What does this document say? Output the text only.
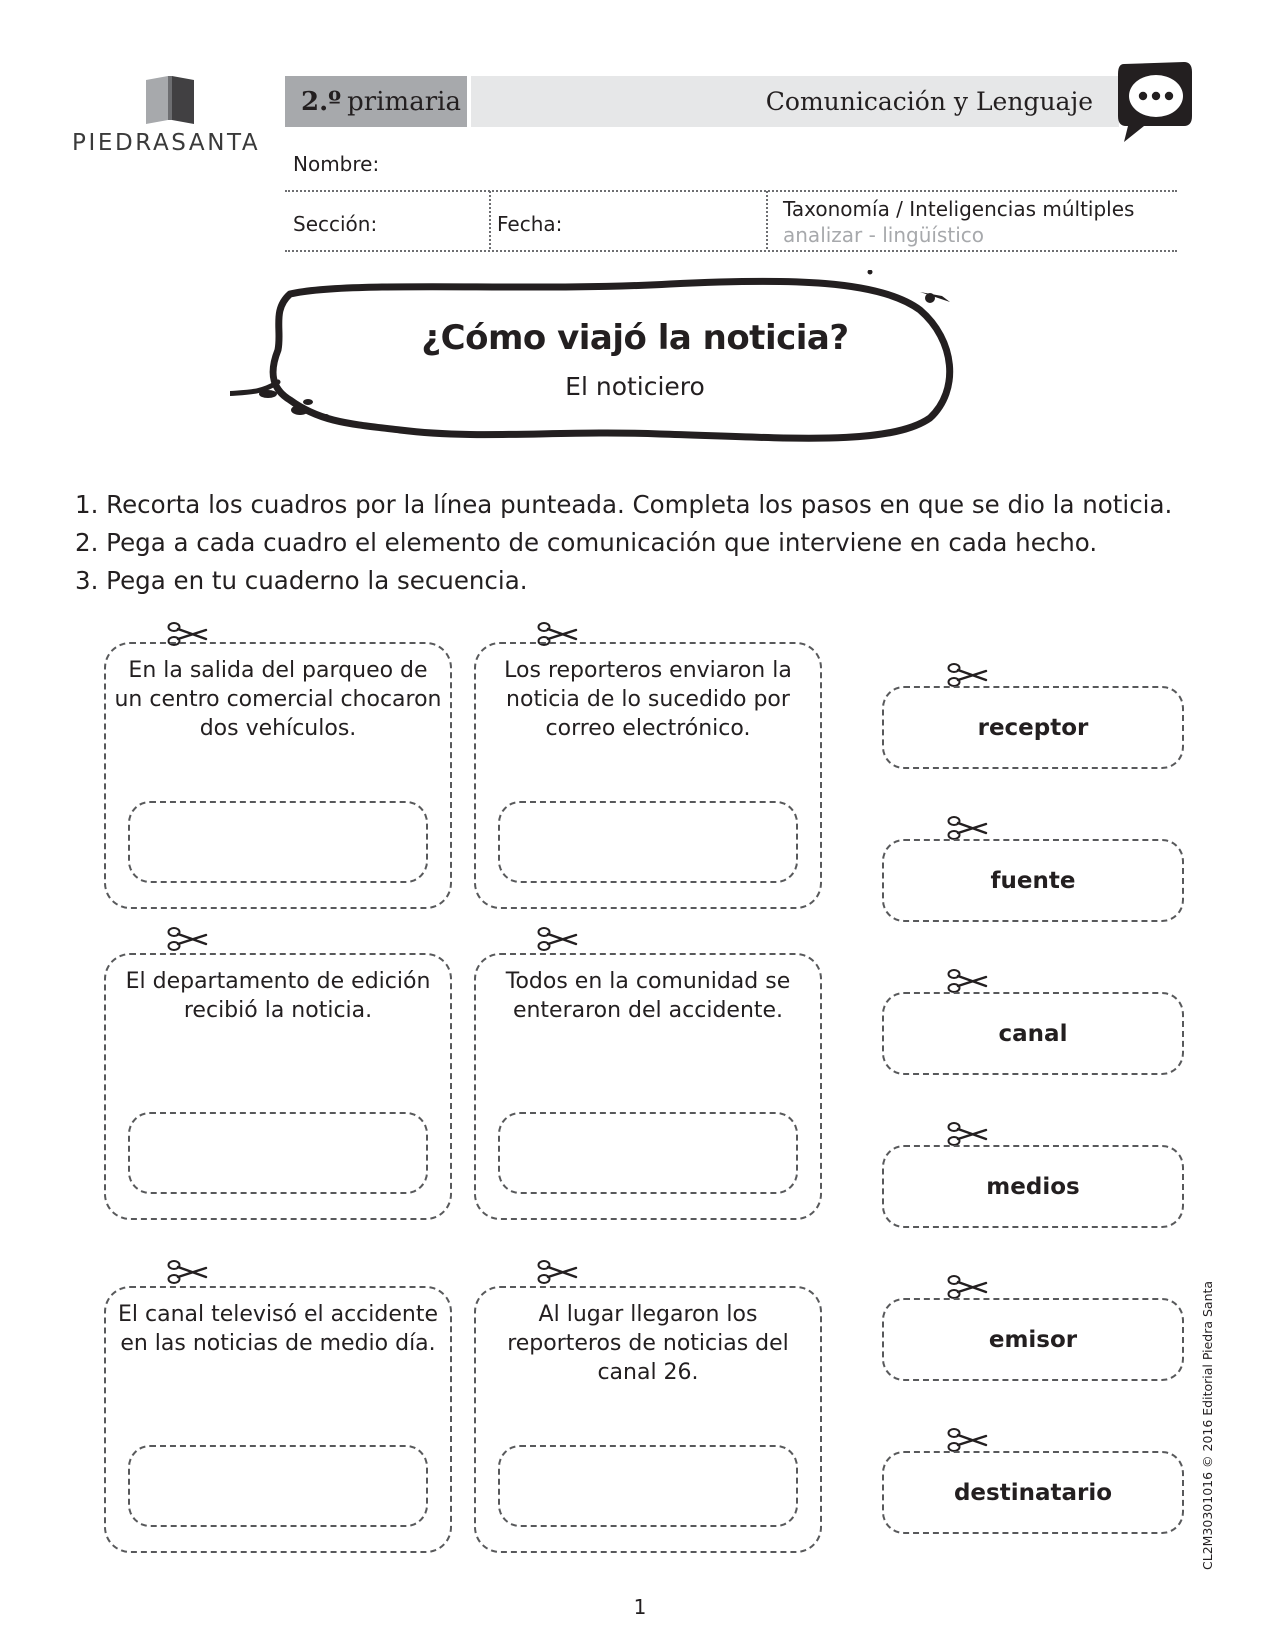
PIEDRASANTA
2.º primaria	Comunicación y Lenguaje
Nombre:
Sección:	Fecha:
Taxonomía / Inteligencias múltiples
analizar - lingüístico
¿Cómo viajó la noticia?
El noticiero
1. Recorta los cuadros por la línea punteada. Completa los pasos en que se dio la noticia.
2. Pega a cada cuadro el elemento de comunicación que interviene en cada hecho.
3. Pega en tu cuaderno la secuencia.
En la salida del parqueo de un centro comercial chocaron dos vehículos.
Los reporteros enviaron la noticia de lo sucedido por correo electrónico.
El departamento de edición recibió la noticia.
Todos en la comunidad se enteraron del accidente.
El canal televisó el accidente en las noticias de medio día.
Al lugar llegaron los reporteros de noticias del canal 26.
receptor
fuente
canal
medios
emisor
destinatario	CL2M30301016 © 2016 Editorial Piedra Santa
1
